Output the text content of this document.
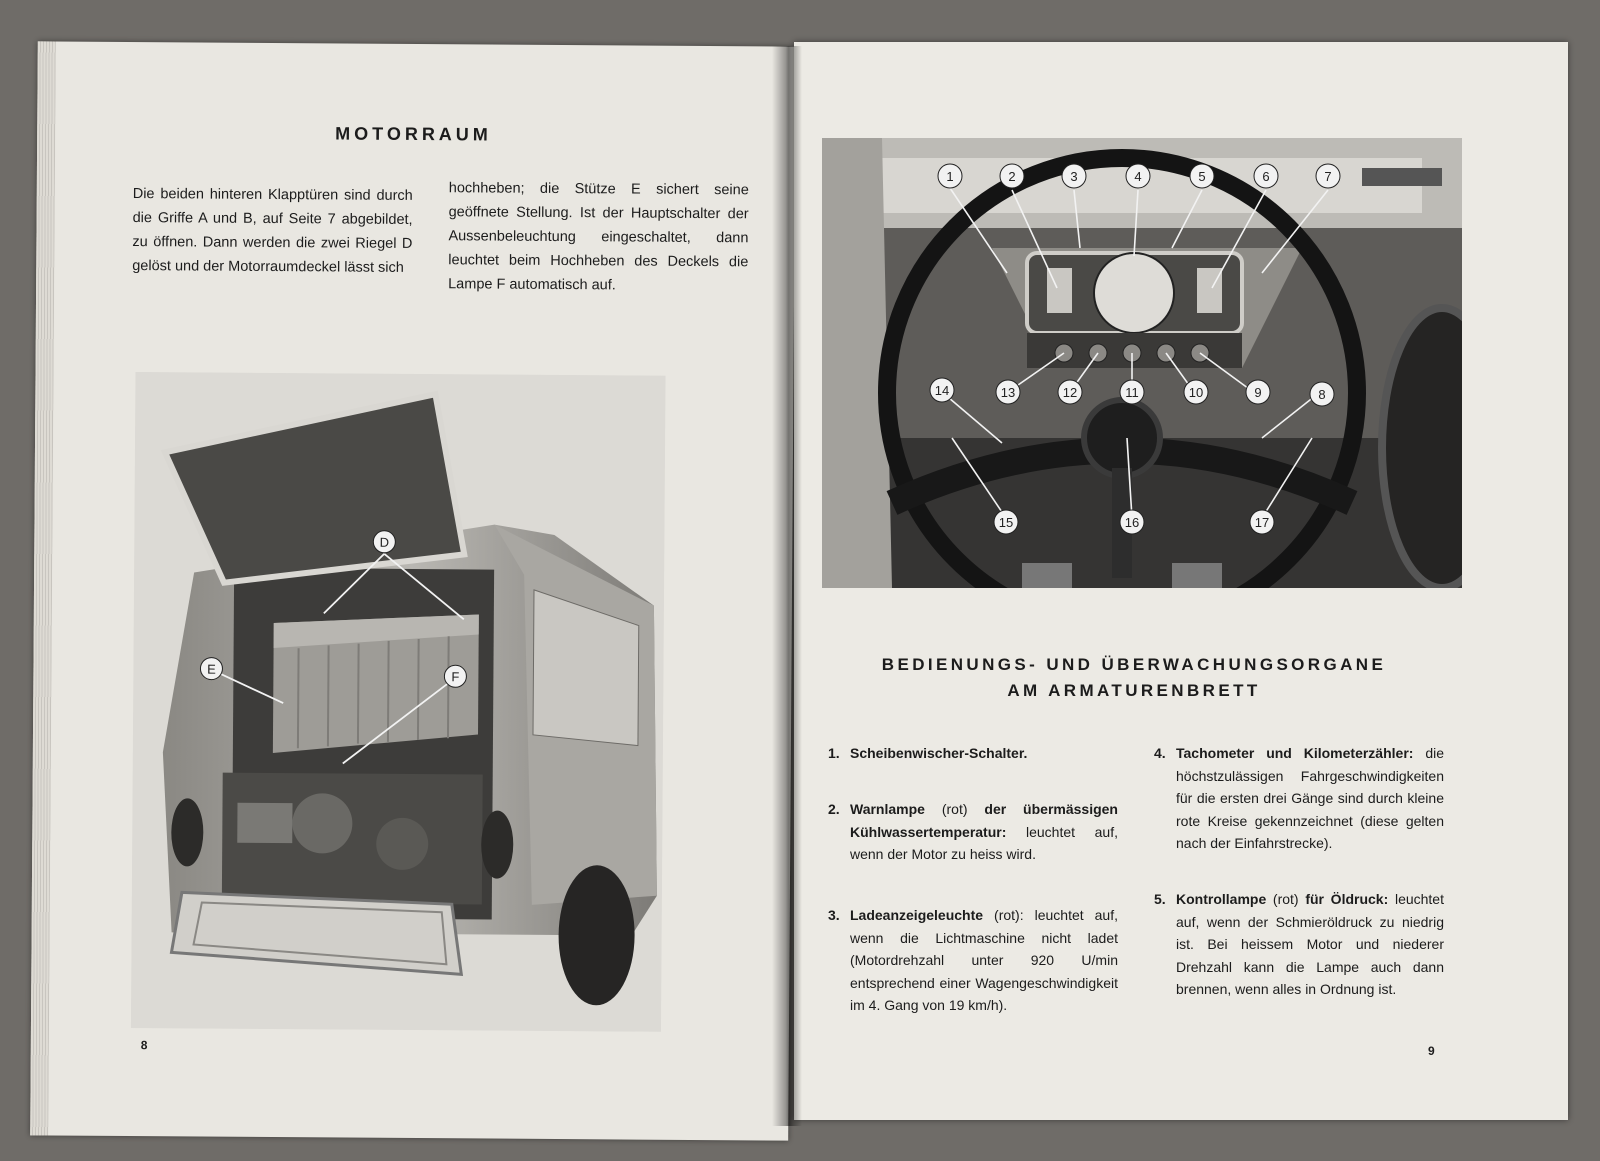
MOTORRAUM

Die beiden hinteren Klapptüren sind durch die Griffe A und B, auf Seite 7 abgebildet, zu öffnen. Dann werden die zwei Riegel D gelöst und der Motorraumdeckel lässt sich

hochheben; die Stütze E sichert seine geöffnete Stellung. Ist der Hauptschalter der Aussenbeleuchtung eingeschaltet, dann leuchtet beim Hochheben des Deckels die Lampe F automatisch auf.

D
E
F

8

1	2	3	4	5	6	7
8
9
10
11
12
13
14
15	16	17
BEDIENUNGS- UND ÜBERWACHUNGSORGANE
AM ARMATURENBRETT

1. Scheibenwischer-Schalter.

2. Warnlampe (rot) der übermässigen Kühlwassertemperatur: leuchtet auf, wenn der Motor zu heiss wird.

3. Ladeanzeigeleuchte (rot): leuchtet auf, wenn die Lichtmaschine nicht ladet (Motordrehzahl unter 920 U/min entsprechend einer Wagengeschwindigkeit im 4. Gang von 19 km/h).

4. Tachometer und Kilometerzähler: die höchstzulässigen Fahrgeschwindigkeiten für die ersten drei Gänge sind durch kleine rote Kreise gekennzeichnet (diese gelten nach der Einfahrstrecke).

5. Kontrollampe (rot) für Öldruck: leuchtet auf, wenn der Schmieröldruck zu niedrig ist. Bei heissem Motor und niederer Drehzahl kann die Lampe auch dann brennen, wenn alles in Ordnung ist.

9
